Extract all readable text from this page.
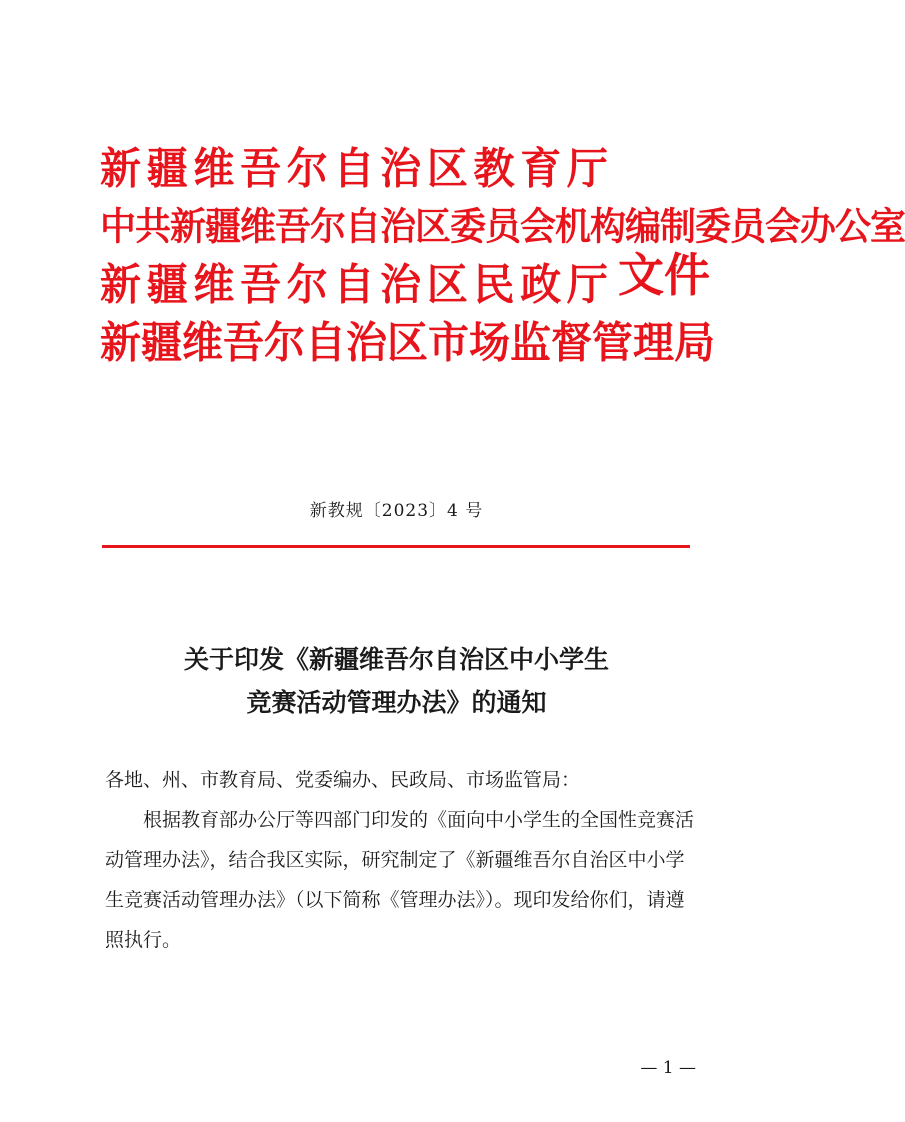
新 疆 维 吾 尔 自 治 区 教 育 厅
中共新疆维吾尔自治区委员会机构编制委员会办公室
新 疆 维 吾 尔 自 治 区 民 政 厅
新 疆 维 吾 尔 自 治 区 市 场 监 督 管 理 局
文件
新教规〔2023〕4 号
关于印发《新疆维吾尔自治区中小学生
竞赛活动管理办法》的通知

各地、州、市教育局、党委编办、民政局、市场监管局：

根据教育部办公厅等四部门印发的《面向中小学生的全国性竞赛活动管理办法》，结合我区实际，研究制定了《新疆维吾尔自治区中小学生竞赛活动管理办法》（以下简称《管理办法》）。现印发给你们，请遵照执行。

— 1 —
